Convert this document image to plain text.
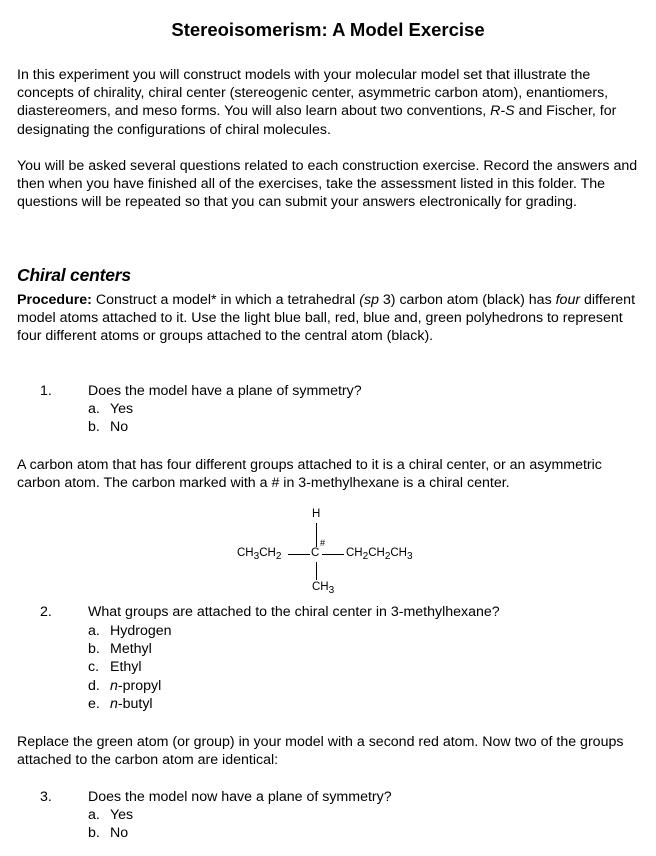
Stereoisomerism: A Model Exercise
In this experiment you will construct models with your molecular model set that illustrate the concepts of chirality, chiral center (stereogenic center, asymmetric carbon atom), enantiomers, diastereomers, and meso forms. You will also learn about two conventions, R-S and Fischer, for designating the configurations of chiral molecules.
You will be asked several questions related to each construction exercise. Record the answers and then when you have finished all of the exercises, take the assessment listed in this folder. The questions will be repeated so that you can submit your answers electronically for grading.
Chiral centers
Procedure: Construct a model* in which a tetrahedral (sp 3) carbon atom (black) has four different model atoms attached to it. Use the light blue ball, red, blue and, green polyhedrons to represent four different atoms or groups attached to the central atom (black).
1.	Does the model have a plane of symmetry?
a. Yes
b. No
A carbon atom that has four different groups attached to it is a chiral center, or an asymmetric carbon atom. The carbon marked with a # in 3-methylhexane is a chiral center.
H
#
$CH_3CH_2$	C $CH_2CH_2CH_3$
$CH_3$
2.	What groups are attached to the chiral center in 3-methylhexane?
a. Hydrogen
b. Methyl
c. Ethyl
d. n-propyl
e. n-butyl
Replace the green atom (or group) in your model with a second red atom. Now two of the groups attached to the carbon atom are identical:
3.	Does the model now have a plane of symmetry?
a. Yes
b. No
